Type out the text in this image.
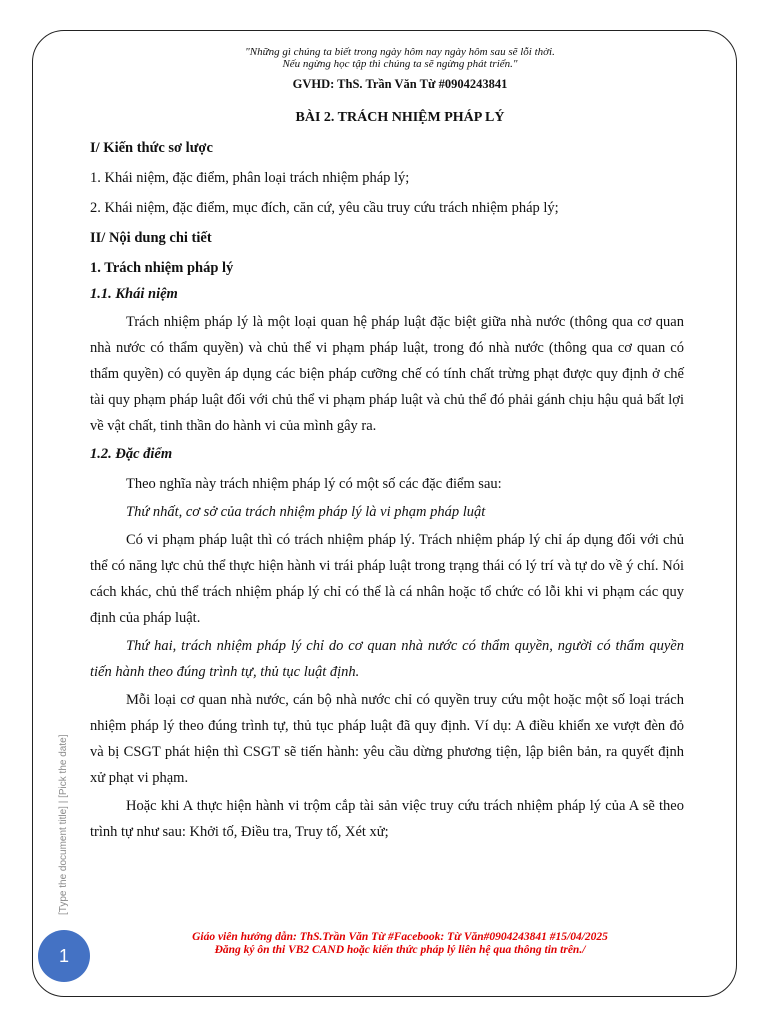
"Những gì chúng ta biết trong ngày hôm nay ngày hôm sau sẽ lỗi thời.
Nếu ngừng học tập thì chúng ta sẽ ngừng phát triển."
GVHD: ThS. Trần Văn Từ #0904243841
BÀI 2. TRÁCH NHIỆM PHÁP LÝ

I/ Kiến thức sơ lược

1. Khái niệm, đặc điểm, phân loại trách nhiệm pháp lý;

2. Khái niệm, đặc điểm, mục đích, căn cứ, yêu cầu truy cứu trách nhiệm pháp lý;

II/ Nội dung chi tiết

1. Trách nhiệm pháp lý

1.1. Khái niệm

Trách nhiệm pháp lý là một loại quan hệ pháp luật đặc biệt giữa nhà nước (thông qua cơ quan nhà nước có thẩm quyền) và chủ thể vi phạm pháp luật, trong đó nhà nước (thông qua cơ quan có thẩm quyền) có quyền áp dụng các biện pháp cưỡng chế có tính chất trừng phạt được quy định ở chế tài quy phạm pháp luật đối với chủ thể vi phạm pháp luật và chủ thể đó phải gánh chịu hậu quả bất lợi về vật chất, tinh thần do hành vi của mình gây ra.

1.2. Đặc điểm

Theo nghĩa này trách nhiệm pháp lý có một số các đặc điểm sau:

Thứ nhất, cơ sở của trách nhiệm pháp lý là vi phạm pháp luật

Có vi phạm pháp luật thì có trách nhiệm pháp lý. Trách nhiệm pháp lý chỉ áp dụng đối với chủ thể có năng lực chủ thể thực hiện hành vi trái pháp luật trong trạng thái có lý trí và tự do về ý chí. Nói cách khác, chủ thể trách nhiệm pháp lý chỉ có thể là cá nhân hoặc tổ chức có lỗi khi vi phạm các quy định của pháp luật.

Thứ hai, trách nhiệm pháp lý chỉ do cơ quan nhà nước có thẩm quyền, người có thẩm quyền tiến hành theo đúng trình tự, thủ tục luật định.

Mỗi loại cơ quan nhà nước, cán bộ nhà nước chỉ có quyền truy cứu một hoặc một số loại trách nhiệm pháp lý theo đúng trình tự, thủ tục pháp luật đã quy định. Ví dụ: A điều khiển xe vượt đèn đỏ và bị CSGT phát hiện thì CSGT sẽ tiến hành: yêu cầu dừng phương tiện, lập biên bản, ra quyết định xử phạt vi phạm.

Hoặc khi A thực hiện hành vi trộm cắp tài sản việc truy cứu trách nhiệm pháp lý của A sẽ theo trình tự như sau: Khởi tố, Điều tra, Truy tố, Xét xử;

Giáo viên hướng dẫn: ThS.Trần Văn Từ #Facebook: Từ Văn#0904243841 #15/04/2025
Đăng ký ôn thi VB2 CAND hoặc kiến thức pháp lý liên hệ qua thông tin trên./
[Type the document title] | [Pick the date]
1
